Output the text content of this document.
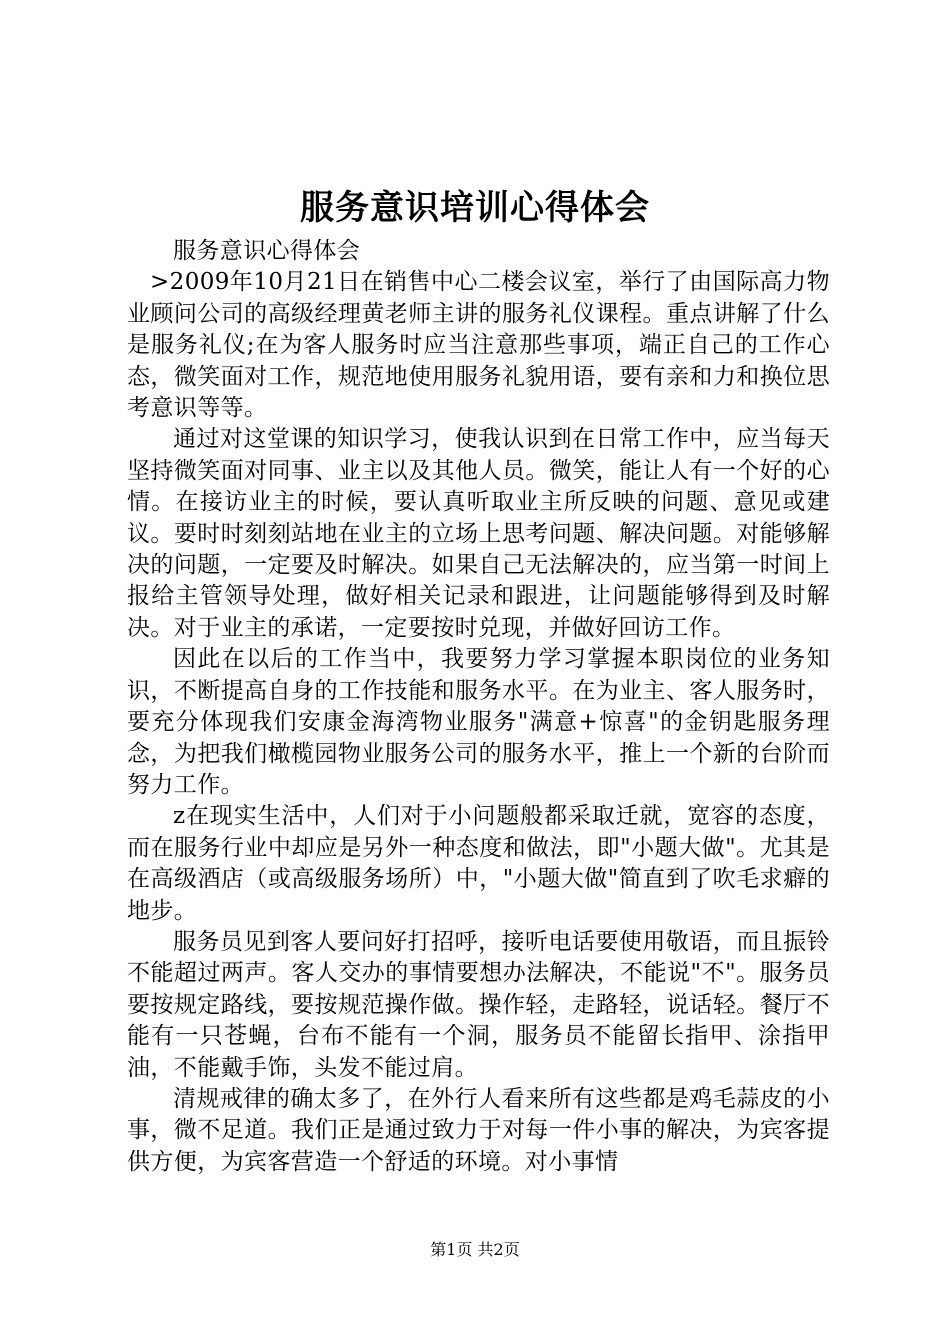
服务意识培训心得体会

服务意识心得体会

>2009年10月21日在销售中心二楼会议室，举行了由国际高力物业顾问公司的高级经理黄老师主讲的服务礼仪课程。重点讲解了什么是服务礼仪;在为客人服务时应当注意那些事项，端正自己的工作心态，微笑面对工作，规范地使用服务礼貌用语，要有亲和力和换位思考意识等等。

通过对这堂课的知识学习，使我认识到在日常工作中，应当每天坚持微笑面对同事、业主以及其他人员。微笑，能让人有一个好的心情。在接访业主的时候，要认真听取业主所反映的问题、意见或建议。要时时刻刻站地在业主的立场上思考问题、解决问题。对能够解决的问题，一定要及时解决。如果自己无法解决的，应当第一时间上报给主管领导处理，做好相关记录和跟进，让问题能够得到及时解决。对于业主的承诺，一定要按时兑现，并做好回访工作。

因此在以后的工作当中，我要努力学习掌握本职岗位的业务知识，不断提高自身的工作技能和服务水平。在为业主、客人服务时，要充分体现我们安康金海湾物业服务"满意+惊喜"的金钥匙服务理念，为把我们橄榄园物业服务公司的服务水平，推上一个新的台阶而努力工作。

z在现实生活中，人们对于小问题般都采取迁就，宽容的态度，而在服务行业中却应是另外一种态度和做法，即"小题大做"。尤其是在高级酒店（或高级服务场所）中，"小题大做"简直到了吹毛求癖的地步。

服务员见到客人要问好打招呼，接听电话要使用敬语，而且振铃不能超过两声。客人交办的事情要想办法解决，不能说"不"。服务员要按规定路线，要按规范操作做。操作轻，走路轻，说话轻。餐厅不能有一只苍蝇，台布不能有一个洞，服务员不能留长指甲、涂指甲油，不能戴手饰，头发不能过肩。

清规戒律的确太多了，在外行人看来所有这些都是鸡毛蒜皮的小事，微不足道。我们正是通过致力于对每一件小事的解决，为宾客提供方便，为宾客营造一个舒适的环境。对小事情

第1页 共2页
